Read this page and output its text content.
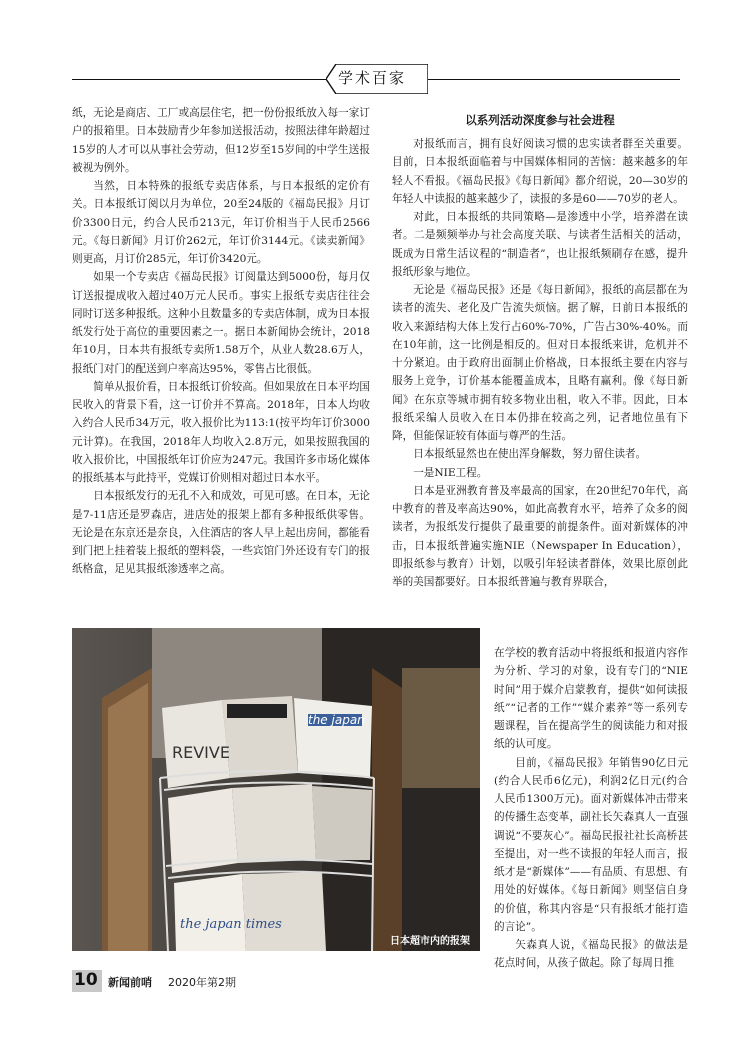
学术百家

纸，无论是商店、工厂或高层住宅，把一份份报纸放入每一家订户的报箱里。日本鼓励青少年参加送报活动，按照法律年龄超过15岁的人才可以从事社会劳动，但12岁至15岁间的中学生送报被视为例外。

当然，日本特殊的报纸专卖店体系，与日本报纸的定价有关。日本报纸订阅以月为单位，20至24版的《福岛民报》月订价3300日元，约合人民币213元，年订价相当于人民币2566元。《每日新闻》月订价262元，年订价3144元。《读卖新闻》则更高，月订价285元，年订价3420元。

如果一个专卖店《福岛民报》订阅量达到5000份，每月仅订送报提成收入超过40万元人民币。事实上报纸专卖店往往会同时订送多种报纸。这种小且数量多的专卖店体制，成为日本报纸发行处于高位的重要因素之一。据日本新闻协会统计，2018年10月，日本共有报纸专卖所1.58万个，从业人数28.6万人，报纸门对门的配送到户率高达95%，零售占比很低。

简单从报价看，日本报纸订价较高。但如果放在日本平均国民收入的背景下看，这一订价并不算高。2018年，日本人均收入约合人民币34万元，收入报价比为113:1(按平均年订价3000元计算)。在我国，2018年人均收入2.8万元，如果按照我国的收入报价比，中国报纸年订价应为247元。我国许多市场化媒体的报纸基本与此持平，党媒订价则相对超过日本水平。

日本报纸发行的无孔不入和成效，可见可感。在日本，无论是7-11店还是罗森店，进店处的报架上都有多种报纸供零售。无论是在东京还是奈良，入住酒店的客人早上起出房间，都能看到门把上挂着装上报纸的塑料袋，一些宾馆门外还设有专门的报纸格盒，足见其报纸渗透率之高。

以系列活动深度参与社会进程

对报纸而言，拥有良好阅读习惯的忠实读者群至关重要。目前，日本报纸面临着与中国媒体相同的苦恼：越来越多的年轻人不看报。《福岛民报》《每日新闻》都介绍说，20—30岁的年轻人中读报的越来越少了，读报的多是60——70岁的老人。

对此，日本报纸的共同策略—是渗透中小学，培养潜在读者。二是频频举办与社会高度关联、与读者生活相关的活动，既成为日常生活议程的“制造者”，也让报纸频刷存在感，提升报纸形象与地位。

无论是《福岛民报》还是《每日新闻》，报纸的高层都在为读者的流失、老化及广告流失烦恼。据了解，日前日本报纸的收入来源结构大体上发行占60%-70%，广告占30%-40%。而在10年前，这一比例是相反的。但对日本报纸来讲，危机并不十分紧迫。由于政府出面制止价格战，日本报纸主要在内容与服务上竞争，订价基本能覆盖成本，且略有赢利。像《每日新闻》在东京等城市拥有较多物业出租，收入不菲。因此，日本报纸采编人员收入在日本仍排在较高之列，记者地位虽有下降，但能保证较有体面与尊严的生活。

日本报纸显然也在使出浑身解数，努力留住读者。

一是NIE工程。

日本是亚洲教育普及率最高的国家，在20世纪70年代，高中教育的普及率高达90%，如此高教育水平，培养了众多的阅读者，为报纸发行提供了最重要的前提条件。面对新媒体的冲击，日本报纸普遍实施NIE（Newspaper In Education），即报纸参与教育）计划，以吸引年轻读者群体，效果比原创此举的美国都要好。日本报纸普遍与教育界联合，

在学校的教育活动中将报纸和报道内容作为分析、学习的对象，设有专门的“NIE时间”用于媒介启蒙教育，提供“如何读报纸”“记者的工作”“媒介素养”等一系列专题课程，旨在提高学生的阅读能力和对报纸的认可度。

目前，《福岛民报》年销售90亿日元(约合人民币6亿元)，利润2亿日元(约合人民币1300万元)。面对新媒体冲击带来的传播生态变革，副社长矢森真人一直强调说“不要灰心”。福岛民报社社长高桥甚至提出，对一些不读报的年轻人而言，报纸才是“新媒体”——有品质、有思想、有用处的好媒体。《每日新闻》则坚信自身的价值，称其内容是“只有报纸才能打造的言论”。

矢森真人说，《福岛民报》的做法是花点时间，从孩子做起。除了每周日推

REVIVE
the japan
the japan times
日本超市内的报架
10 新闻前哨 2020年第2期
